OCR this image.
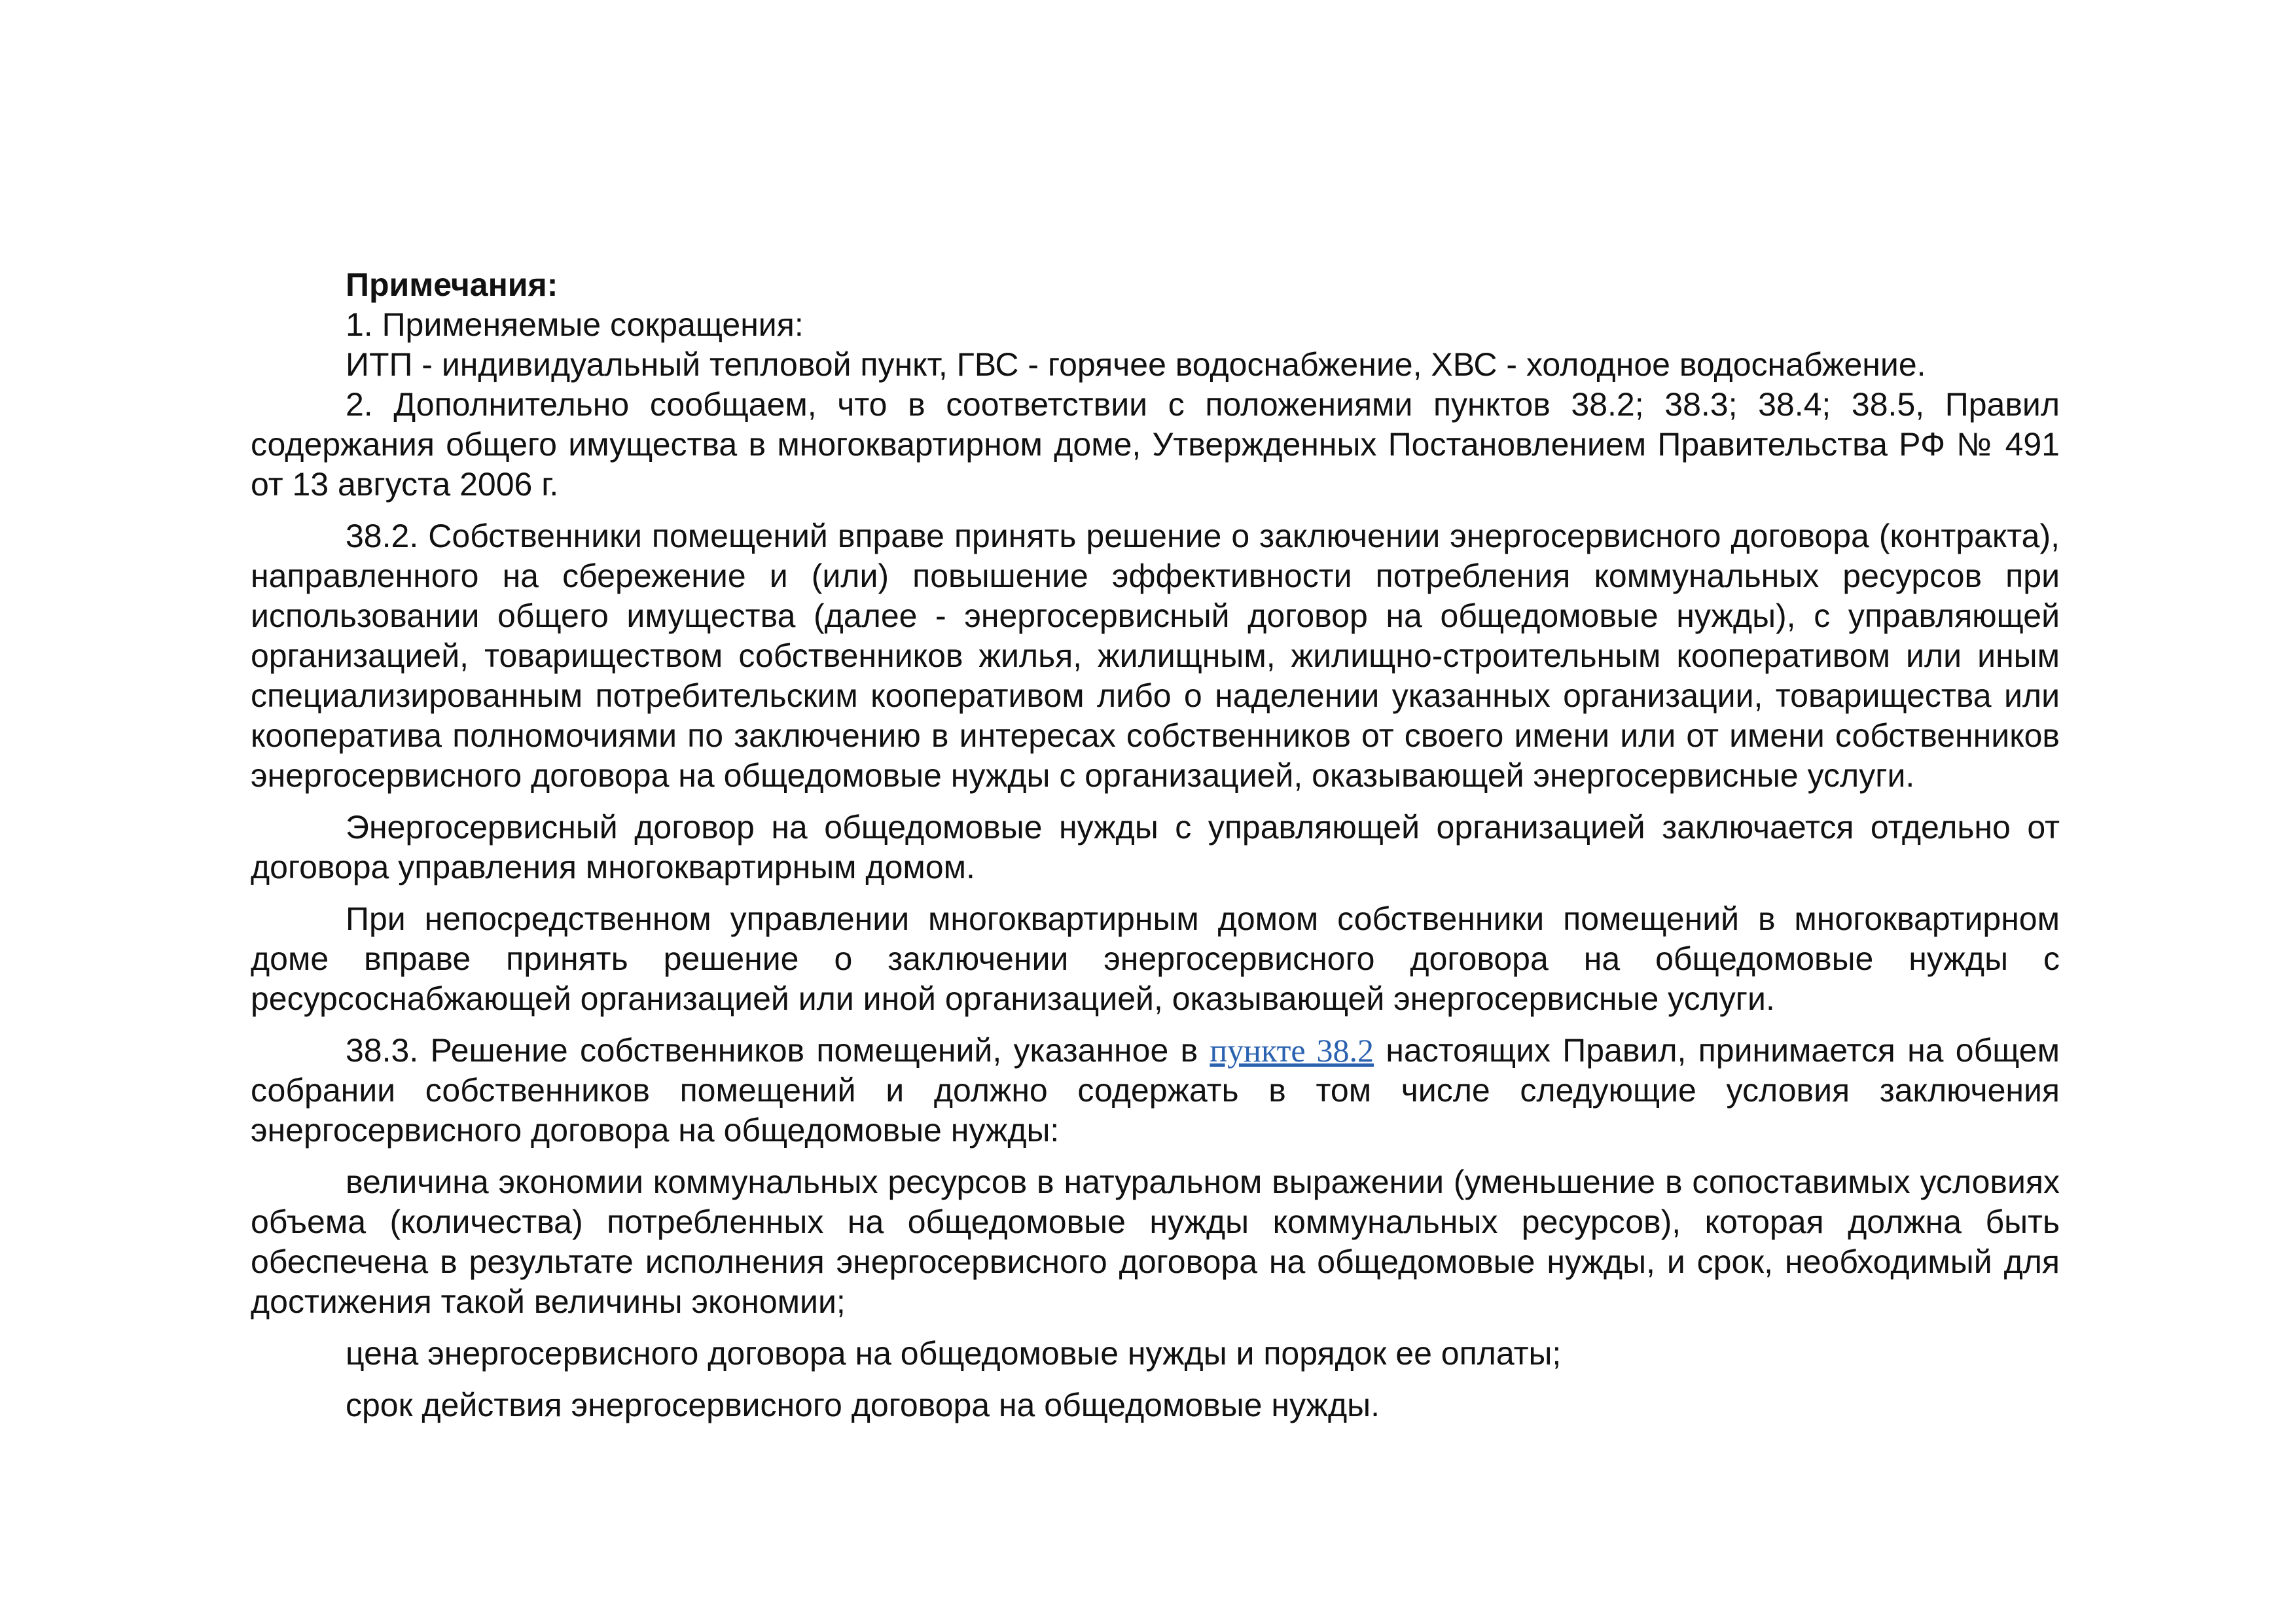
Примечания:

1. Применяемые сокращения:

ИТП - индивидуальный тепловой пункт, ГВС - горячее водоснабжение, ХВС - холодное водоснабжение.

2. Дополнительно сообщаем, что в соответствии с положениями пунктов 38.2; 38.3; 38.4; 38.5, Правил содержания общего имущества в многоквартирном доме, Утвержденных Постановлением Правительства РФ № 491 от 13 августа 2006 г.

38.2. Собственники помещений вправе принять решение о заключении энергосервисного договора (контракта), направленного на сбережение и (или) повышение эффективности потребления коммунальных ресурсов при использовании общего имущества (далее - энергосервисный договор на общедомовые нужды), с управляющей организацией, товариществом собственников жилья, жилищным, жилищно-строительным кооперативом или иным специализированным потребительским кооперативом либо о наделении указанных организации, товарищества или кооператива полномочиями по заключению в интересах собственников от своего имени или от имени собственников энергосервисного договора на общедомовые нужды с организацией, оказывающей энергосервисные услуги.

Энергосервисный договор на общедомовые нужды с управляющей организацией заключается отдельно от договора управления многоквартирным домом.

При непосредственном управлении многоквартирным домом собственники помещений в многоквартирном доме вправе принять решение о заключении энергосервисного договора на общедомовые нужды с ресурсоснабжающей организацией или иной организацией, оказывающей энергосервисные услуги.

38.3. Решение собственников помещений, указанное в пункте 38.2 настоящих Правил, принимается на общем собрании собственников помещений и должно содержать в том числе следующие условия заключения энергосервисного договора на общедомовые нужды:

величина экономии коммунальных ресурсов в натуральном выражении (уменьшение в сопоставимых условиях объема (количества) потребленных на общедомовые нужды коммунальных ресурсов), которая должна быть обеспечена в результате исполнения энергосервисного договора на общедомовые нужды, и срок, необходимый для достижения такой величины экономии;

цена энергосервисного договора на общедомовые нужды и порядок ее оплаты;

срок действия энергосервисного договора на общедомовые нужды.
